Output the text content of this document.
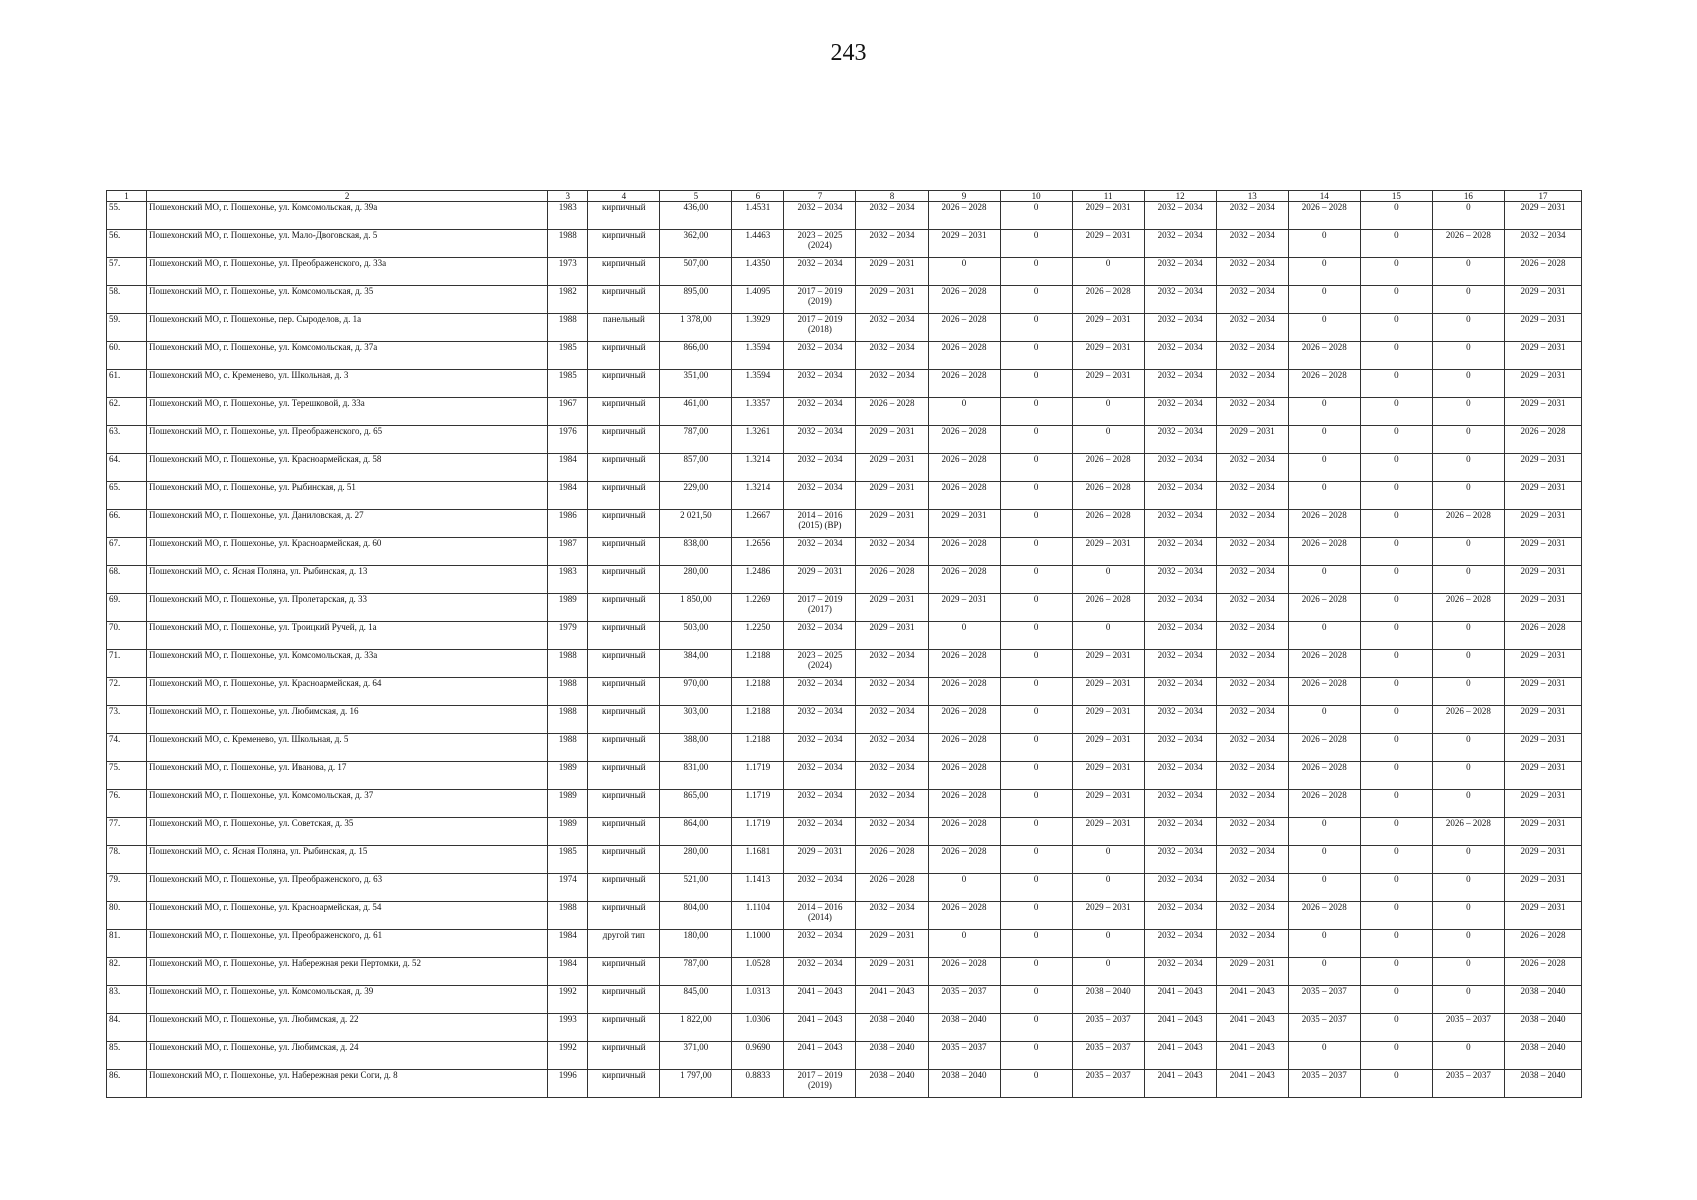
243
1	2	3	4	5	6	7	8	9	10	11	12	13	14	15	16	17
55.	Пошехонский МО, г. Пошехонье, ул. Комсомольская, д. 39а	1983	кирпичный	436,00	1.4531	2032 – 2034	2032 – 2034	2026 – 2028	0	2029 – 2031	2032 – 2034	2032 – 2034	2026 – 2028	0	0	2029 – 2031
56.	Пошехонский МО, г. Пошехонье, ул. Мало-Двоговская, д. 5	1988	кирпичный	362,00	1.4463	2023 – 2025 (2024)	2032 – 2034	2029 – 2031	0	2029 – 2031	2032 – 2034	2032 – 2034	0	0	2026 – 2028	2032 – 2034
57.	Пошехонский МО, г. Пошехонье, ул. Преображенского, д. 33а	1973	кирпичный	507,00	1.4350	2032 – 2034	2029 – 2031	0	0	0	2032 – 2034	2032 – 2034	0	0	0	2026 – 2028
58.	Пошехонский МО, г. Пошехонье, ул. Комсомольская, д. 35	1982	кирпичный	895,00	1.4095	2017 – 2019 (2019)	2029 – 2031	2026 – 2028	0	2026 – 2028	2032 – 2034	2032 – 2034	0	0	0	2029 – 2031
59.	Пошехонский МО, г. Пошехонье, пер. Сыроделов, д. 1а	1988	панельный	1 378,00	1.3929	2017 – 2019 (2018)	2032 – 2034	2026 – 2028	0	2029 – 2031	2032 – 2034	2032 – 2034	0	0	0	2029 – 2031
60.	Пошехонский МО, г. Пошехонье, ул. Комсомольская, д. 37а	1985	кирпичный	866,00	1.3594	2032 – 2034	2032 – 2034	2026 – 2028	0	2029 – 2031	2032 – 2034	2032 – 2034	2026 – 2028	0	0	2029 – 2031
61.	Пошехонский МО, с. Кременево, ул. Школьная, д. 3	1985	кирпичный	351,00	1.3594	2032 – 2034	2032 – 2034	2026 – 2028	0	2029 – 2031	2032 – 2034	2032 – 2034	2026 – 2028	0	0	2029 – 2031
62.	Пошехонский МО, г. Пошехонье, ул. Терешковой, д. 33а	1967	кирпичный	461,00	1.3357	2032 – 2034	2026 – 2028	0	0	0	2032 – 2034	2032 – 2034	0	0	0	2029 – 2031
63.	Пошехонский МО, г. Пошехонье, ул. Преображенского, д. 65	1976	кирпичный	787,00	1.3261	2032 – 2034	2029 – 2031	2026 – 2028	0	0	2032 – 2034	2029 – 2031	0	0	0	2026 – 2028
64.	Пошехонский МО, г. Пошехонье, ул. Красноармейская, д. 58	1984	кирпичный	857,00	1.3214	2032 – 2034	2029 – 2031	2026 – 2028	0	2026 – 2028	2032 – 2034	2032 – 2034	0	0	0	2029 – 2031
65.	Пошехонский МО, г. Пошехонье, ул. Рыбинская, д. 51	1984	кирпичный	229,00	1.3214	2032 – 2034	2029 – 2031	2026 – 2028	0	2026 – 2028	2032 – 2034	2032 – 2034	0	0	0	2029 – 2031
66.	Пошехонский МО, г. Пошехонье, ул. Даниловская, д. 27	1986	кирпичный	2 021,50	1.2667	2014 – 2016 (2015) (ВР)	2029 – 2031	2029 – 2031	0	2026 – 2028	2032 – 2034	2032 – 2034	2026 – 2028	0	2026 – 2028	2029 – 2031
67.	Пошехонский МО, г. Пошехонье, ул. Красноармейская, д. 60	1987	кирпичный	838,00	1.2656	2032 – 2034	2032 – 2034	2026 – 2028	0	2029 – 2031	2032 – 2034	2032 – 2034	2026 – 2028	0	0	2029 – 2031
68.	Пошехонский МО, с. Ясная Поляна, ул. Рыбинская, д. 13	1983	кирпичный	280,00	1.2486	2029 – 2031	2026 – 2028	2026 – 2028	0	0	2032 – 2034	2032 – 2034	0	0	0	2029 – 2031
69.	Пошехонский МО, г. Пошехонье, ул. Пролетарская, д. 33	1989	кирпичный	1 850,00	1.2269	2017 – 2019 (2017)	2029 – 2031	2029 – 2031	0	2026 – 2028	2032 – 2034	2032 – 2034	2026 – 2028	0	2026 – 2028	2029 – 2031
70.	Пошехонский МО, г. Пошехонье, ул. Троицкий Ручей, д. 1а	1979	кирпичный	503,00	1.2250	2032 – 2034	2029 – 2031	0	0	0	2032 – 2034	2032 – 2034	0	0	0	2026 – 2028
71.	Пошехонский МО, г. Пошехонье, ул. Комсомольская, д. 33а	1988	кирпичный	384,00	1.2188	2023 – 2025 (2024)	2032 – 2034	2026 – 2028	0	2029 – 2031	2032 – 2034	2032 – 2034	2026 – 2028	0	0	2029 – 2031
72.	Пошехонский МО, г. Пошехонье, ул. Красноармейская, д. 64	1988	кирпичный	970,00	1.2188	2032 – 2034	2032 – 2034	2026 – 2028	0	2029 – 2031	2032 – 2034	2032 – 2034	2026 – 2028	0	0	2029 – 2031
73.	Пошехонский МО, г. Пошехонье, ул. Любимская, д. 16	1988	кирпичный	303,00	1.2188	2032 – 2034	2032 – 2034	2026 – 2028	0	2029 – 2031	2032 – 2034	2032 – 2034	0	0	2026 – 2028	2029 – 2031
74.	Пошехонский МО, с. Кременево, ул. Школьная, д. 5	1988	кирпичный	388,00	1.2188	2032 – 2034	2032 – 2034	2026 – 2028	0	2029 – 2031	2032 – 2034	2032 – 2034	2026 – 2028	0	0	2029 – 2031
75.	Пошехонский МО, г. Пошехонье, ул. Иванова, д. 17	1989	кирпичный	831,00	1.1719	2032 – 2034	2032 – 2034	2026 – 2028	0	2029 – 2031	2032 – 2034	2032 – 2034	2026 – 2028	0	0	2029 – 2031
76.	Пошехонский МО, г. Пошехонье, ул. Комсомольская, д. 37	1989	кирпичный	865,00	1.1719	2032 – 2034	2032 – 2034	2026 – 2028	0	2029 – 2031	2032 – 2034	2032 – 2034	2026 – 2028	0	0	2029 – 2031
77.	Пошехонский МО, г. Пошехонье, ул. Советская, д. 35	1989	кирпичный	864,00	1.1719	2032 – 2034	2032 – 2034	2026 – 2028	0	2029 – 2031	2032 – 2034	2032 – 2034	0	0	2026 – 2028	2029 – 2031
78.	Пошехонский МО, с. Ясная Поляна, ул. Рыбинская, д. 15	1985	кирпичный	280,00	1.1681	2029 – 2031	2026 – 2028	2026 – 2028	0	0	2032 – 2034	2032 – 2034	0	0	0	2029 – 2031
79.	Пошехонский МО, г. Пошехонье, ул. Преображенского, д. 63	1974	кирпичный	521,00	1.1413	2032 – 2034	2026 – 2028	0	0	0	2032 – 2034	2032 – 2034	0	0	0	2029 – 2031
80.	Пошехонский МО, г. Пошехонье, ул. Красноармейская, д. 54	1988	кирпичный	804,00	1.1104	2014 – 2016 (2014)	2032 – 2034	2026 – 2028	0	2029 – 2031	2032 – 2034	2032 – 2034	2026 – 2028	0	0	2029 – 2031
81.	Пошехонский МО, г. Пошехонье, ул. Преображенского, д. 61	1984	другой тип	180,00	1.1000	2032 – 2034	2029 – 2031	0	0	0	2032 – 2034	2032 – 2034	0	0	0	2026 – 2028
82.	Пошехонский МО, г. Пошехонье, ул. Набережная реки Пертомки, д. 52	1984	кирпичный	787,00	1.0528	2032 – 2034	2029 – 2031	2026 – 2028	0	0	2032 – 2034	2029 – 2031	0	0	0	2026 – 2028
83.	Пошехонский МО, г. Пошехонье, ул. Комсомольская, д. 39	1992	кирпичный	845,00	1.0313	2041 – 2043	2041 – 2043	2035 – 2037	0	2038 – 2040	2041 – 2043	2041 – 2043	2035 – 2037	0	0	2038 – 2040
84.	Пошехонский МО, г. Пошехонье, ул. Любимская, д. 22	1993	кирпичный	1 822,00	1.0306	2041 – 2043	2038 – 2040	2038 – 2040	0	2035 – 2037	2041 – 2043	2041 – 2043	2035 – 2037	0	2035 – 2037	2038 – 2040
85.	Пошехонский МО, г. Пошехонье, ул. Любимская, д. 24	1992	кирпичный	371,00	0.9690	2041 – 2043	2038 – 2040	2035 – 2037	0	2035 – 2037	2041 – 2043	2041 – 2043	0	0	0	2038 – 2040
86.	Пошехонский МО, г. Пошехонье, ул. Набережная реки Соги, д. 8	1996	кирпичный	1 797,00	0.8833	2017 – 2019 (2019)	2038 – 2040	2038 – 2040	0	2035 – 2037	2041 – 2043	2041 – 2043	2035 – 2037	0	2035 – 2037	2038 – 2040
